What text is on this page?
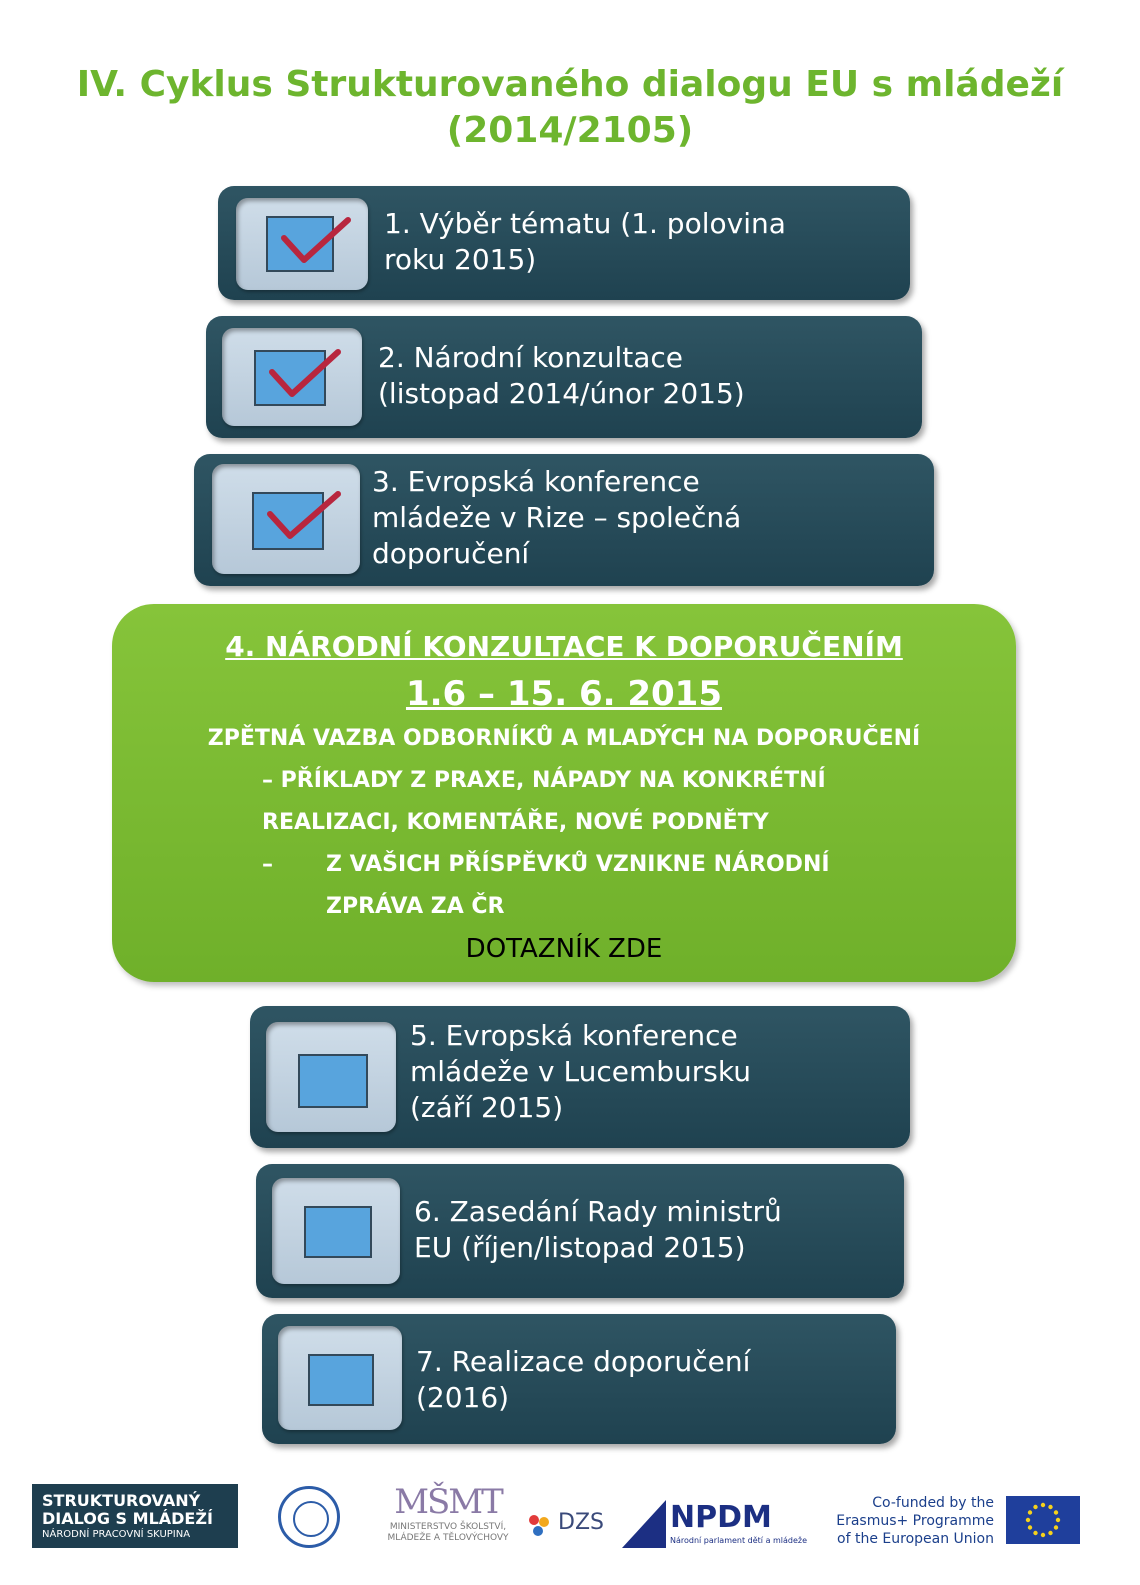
IV. Cyklus Strukturovaného dialogu EU s mládeží
(2014/2105)
1. Výběr tématu (1. polovina
roku 2015)
2. Národní konzultace
(listopad 2014/únor 2015)
3. Evropská konference
mládeže v Rize – společná
doporučení
4. NÁRODNÍ KONZULTACE K DOPORUČENÍM
1.6 – 15. 6. 2015
ZPĚTNÁ VAZBA ODBORNÍKŮ A MLADÝCH NA DOPORUČENÍ
– PŘÍKLADY Z PRAXE, NÁPADY NA KONKRÉTNÍ
REALIZACI, KOMENTÁŘE, NOVÉ PODNĚTY
– Z VAŠICH PŘÍSPĚVKŮ VZNIKNE NÁRODNÍ
ZPRÁVA ZA ČR
DOTAZNÍK ZDE
5. Evropská konference
mládeže v Lucembursku
(září 2015)
6. Zasedání Rady ministrů
EU (říjen/listopad 2015)
7. Realizace doporučení
(2016)
STRUKTUROVANÝ
DIALOG S MLÁDEŽÍ
NÁRODNÍ PRACOVNÍ SKUPINA
MŠMT
MINISTERSTVO ŠKOLSTVÍ, MLÁDEŽE A TĚLOVÝCHOVY
DZS NPDM
Národní parlament dětí a mládeže
Co-funded by the
Erasmus+ Programme
of the European Union
